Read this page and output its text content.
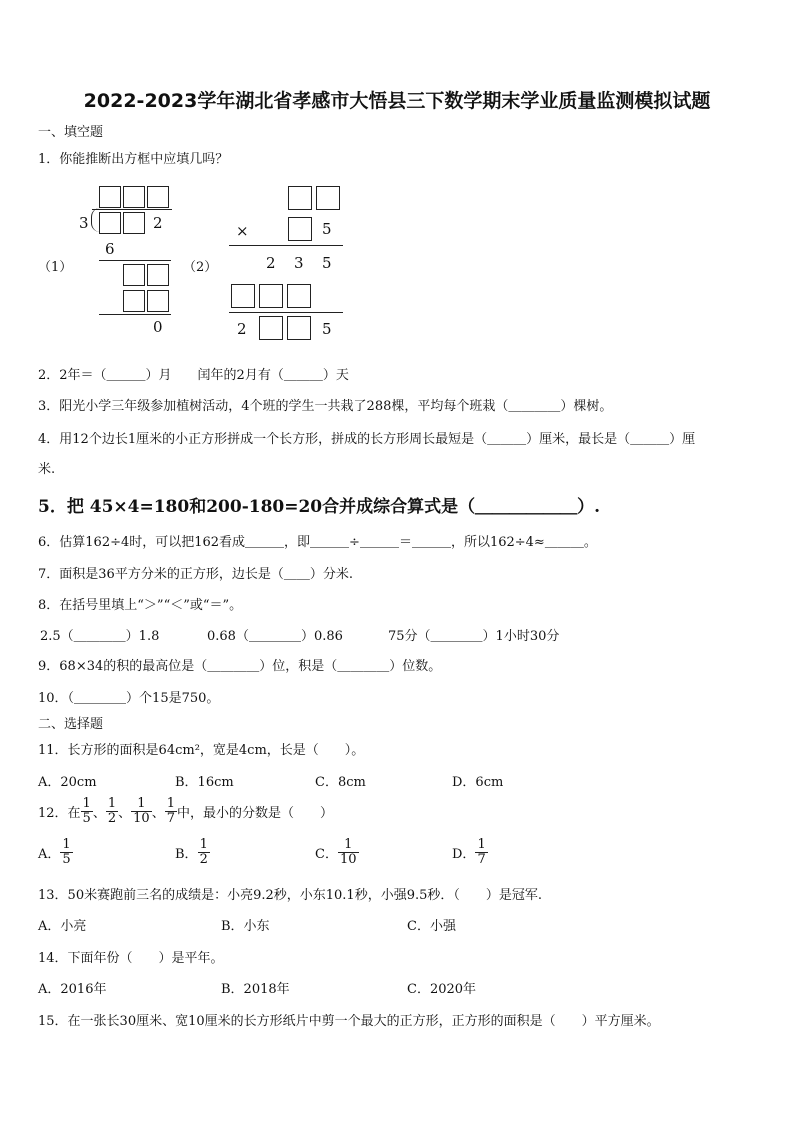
2022-2023学年湖北省孝感市大悟县三下数学期末学业质量监测模拟试题
一、填空题
1．你能推断出方框中应填几吗？
（1）
3	2
6
0
（2）
×	5
2 3 5
2	5
2．2年＝（＿＿＿）月　　闰年的2月有（＿＿＿）天
3．阳光小学三年级参加植树活动，4个班的学生一共栽了288棵，平均每个班栽（＿＿＿＿）棵树。
4．用12个边长1厘米的小正方形拼成一个长方形，拼成的长方形周长最短是（＿＿＿）厘米，最长是（＿＿＿）厘
米.
5．把 45×4=180和200-180=20合并成综合算式是（＿＿＿＿＿＿）.
6．估算162÷4时，可以把162看成＿＿＿，即＿＿＿÷＿＿＿＝＿＿＿，所以162÷4≈＿＿＿。
7．面积是36平方分米的正方形，边长是（＿＿）分米.
8．在括号里填上“＞”“＜”或“＝”。
2.5（＿＿＿＿）1.8	0.68（＿＿＿＿）0.86	75分（＿＿＿＿）1小时30分
9．68×34的积的最高位是（＿＿＿＿）位，积是（＿＿＿＿）位数。
10．（＿＿＿＿）个15是750。
二、选择题
11．长方形的面积是64cm²，宽是4cm，长是（　　）。
A．20cm	B．16cm	C．8cm	D．6cm
12．在 $\frac{1}{5}$ 、 $\frac{1}{2}$ 、 $\frac{1}{10}$ 、 $\frac{1}{7}$ 中，最小的分数是（　　）
A． $\frac{1}{5}$	B． $\frac{1}{2}$	C． $\frac{1}{10}$	D． $\frac{1}{7}$
13．50米赛跑前三名的成绩是：小亮9.2秒，小东10.1秒，小强9.5秒．（　　）是冠军.
A．小亮	B．小东	C．小强
14．下面年份（　　）是平年。
A．2016年	B．2018年	C．2020年
15．在一张长30厘米、宽10厘米的长方形纸片中剪一个最大的正方形，正方形的面积是（　　）平方厘米。
